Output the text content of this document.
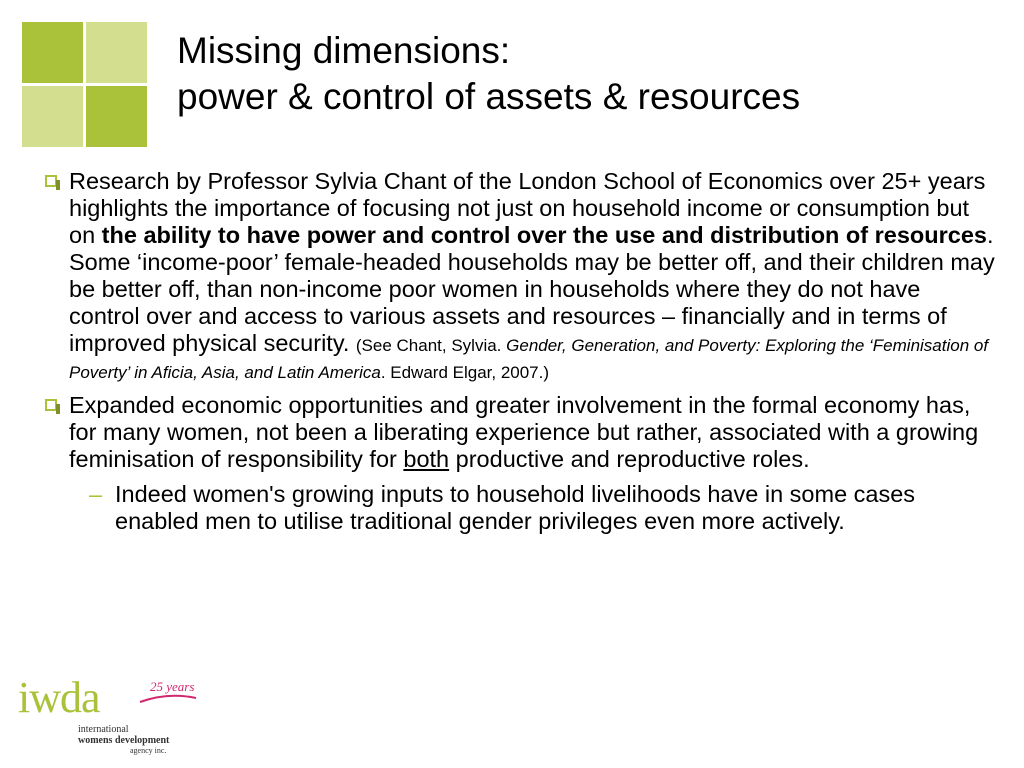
Missing dimensions:
power & control of assets & resources
Research by Professor Sylvia Chant of the London School of Economics over 25+ years highlights the importance of focusing not just on household income or consumption but on the ability to have power and control over the use and distribution of resources. Some ‘income-poor’ female-headed households may be better off, and their children may be better off, than non-income poor women in households where they do not have control over and access to various assets and resources – financially and in terms of improved physical security. (See Chant, Sylvia. Gender, Generation, and Poverty: Exploring the ‘Feminisation of Poverty’ in Aficia, Asia, and Latin America. Edward Elgar, 2007.)
Expanded economic opportunities and greater involvement in the formal economy has, for many women, not been a liberating experience but rather, associated with a growing feminisation of responsibility for both productive and reproductive roles.
– Indeed women's growing inputs to household livelihoods have in some cases enabled men to utilise traditional gender privileges even more actively.
iwda	25 years
international
womens development
agency inc.
